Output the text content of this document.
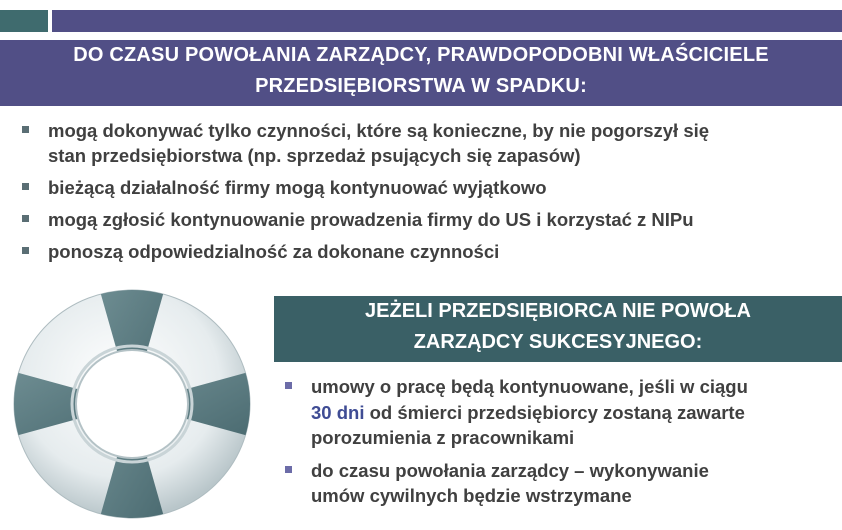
DO CZASU POWOŁANIA ZARZĄDCY, PRAWDOPODOBNI WŁAŚCICIELE
PRZEDSIĘBIORSTWA W SPADKU:
mogą dokonywać tylko czynności, które są konieczne, by nie pogorszył się
stan przedsiębiorstwa (np. sprzedaż psujących się zapasów)
bieżącą działalność firmy mogą kontynuować wyjątkowo
mogą zgłosić kontynuowanie prowadzenia firmy do US i korzystać z NIPu
ponoszą odpowiedzialność za dokonane czynności
JEŻELI PRZEDSIĘBIORCA NIE POWOŁA
ZARZĄDCY SUKCESYJNEGO:
umowy o pracę będą kontynuowane, jeśli w ciągu
30 dni od śmierci przedsiębiorcy zostaną zawarte
porozumienia z pracownikami
do czasu powołania zarządcy – wykonywanie
umów cywilnych będzie wstrzymane
